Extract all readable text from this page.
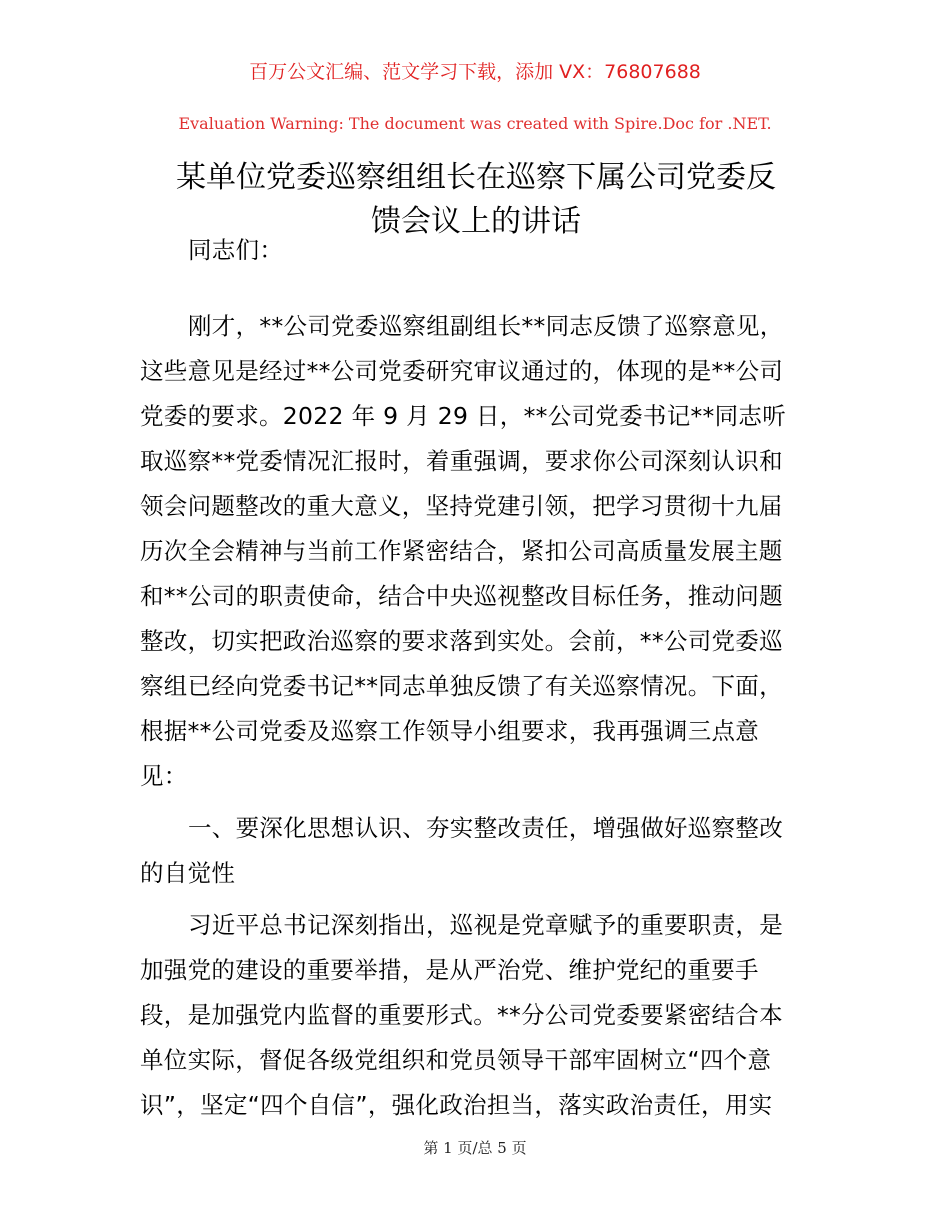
百万公文汇编、范文学习下载，添加 VX：76807688
Evaluation Warning: The document was created with Spire.Doc for .NET.
某单位党委巡察组组长在巡察下属公司党委反
馈会议上的讲话
同志们：
刚才，**公司党委巡察组副组长**同志反馈了巡察意见，
这些意见是经过**公司党委研究审议通过的，体现的是**公司
党委的要求。2022 年 9 月 29 日，**公司党委书记**同志听
取巡察**党委情况汇报时，着重强调，要求你公司深刻认识和
领会问题整改的重大意义，坚持党建引领，把学习贯彻十九届
历次全会精神与当前工作紧密结合，紧扣公司高质量发展主题
和**公司的职责使命，结合中央巡视整改目标任务，推动问题
整改，切实把政治巡察的要求落到实处。会前，**公司党委巡
察组已经向党委书记**同志单独反馈了有关巡察情况。下面，
根据**公司党委及巡察工作领导小组要求，我再强调三点意
见：
一、要深化思想认识、夯实整改责任，增强做好巡察整改
的自觉性
习近平总书记深刻指出，巡视是党章赋予的重要职责，是
加强党的建设的重要举措，是从严治党、维护党纪的重要手
段，是加强党内监督的重要形式。**分公司党委要紧密结合本
单位实际，督促各级党组织和党员领导干部牢固树立“四个意
识”，坚定“四个自信”，强化政治担当，落实政治责任，用实
第 1 页/总 5 页
